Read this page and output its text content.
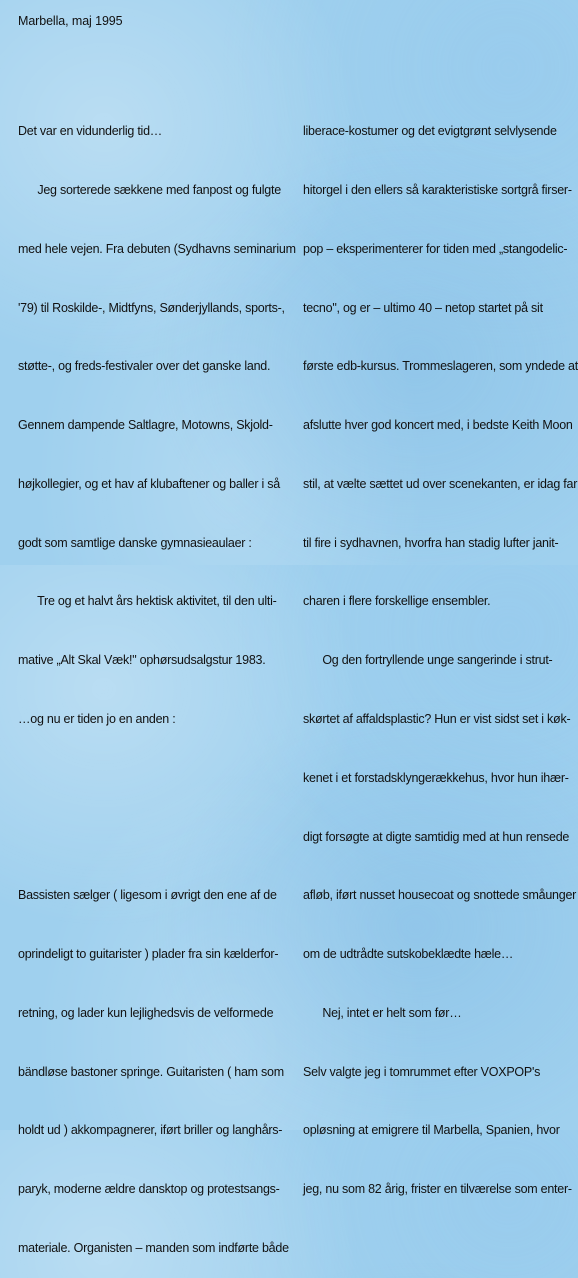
Marbella, maj 1995

Det var en vidunderlig tid…

Jeg sorterede sækkene med fanpost og fulgte

med hele vejen. Fra debuten (Sydhavns seminarium

'79) til Roskilde-, Midtfyns, Sønderjyllands, sports-,

støtte-, og freds-festivaler over det ganske land.

Gennem dampende Saltlagre, Motowns, Skjold-

højkollegier, og et hav af klubaftener og baller i så

godt som samtlige danske gymnasieaulaer :

Tre og et halvt års hektisk aktivitet, til den ulti-

mative „Alt Skal Væk!" ophørsudsalgstur 1983.

…og nu er tiden jo en anden :

Bassisten sælger ( ligesom i øvrigt den ene af de

oprindeligt to guitarister ) plader fra sin kælderfor-

retning, og lader kun lejlighedsvis de velformede

bändløse bastoner springe. Guitaristen ( ham som

holdt ud ) akkompagnerer, iført briller og langhårs-

paryk, moderne ældre dansktop og protestsangs-

materiale. Organisten – manden som indførte både

liberace-kostumer og det evigtgrønt selvlysende

hitorgel i den ellers så karakteristiske sortgrå firser-

pop – eksperimenterer for tiden med „stangodelic-

tecno", og er – ultimo 40 – netop startet på sit

første edb-kursus. Trommeslageren, som yndede at

afslutte hver god koncert med, i bedste Keith Moon

stil, at vælte sættet ud over scenekanten, er idag far

til fire i sydhavnen, hvorfra han stadig lufter janit-

charen i flere forskellige ensembler.

Og den fortryllende unge sangerinde i strut-

skørtet af affaldsplastic? Hun er vist sidst set i køk-

kenet i et forstadsklyngerækkehus, hvor hun ihær-

digt forsøgte at digte samtidig med at hun rensede

afløb, iført nusset housecoat og snottede småunger

om de udtrådte sutskobeklædte hæle…

Nej, intet er helt som før…

Selv valgte jeg i tomrummet efter VOXPOP's

opløsning at emigrere til Marbella, Spanien, hvor

jeg, nu som 82 årig, frister en tilværelse som enter-
